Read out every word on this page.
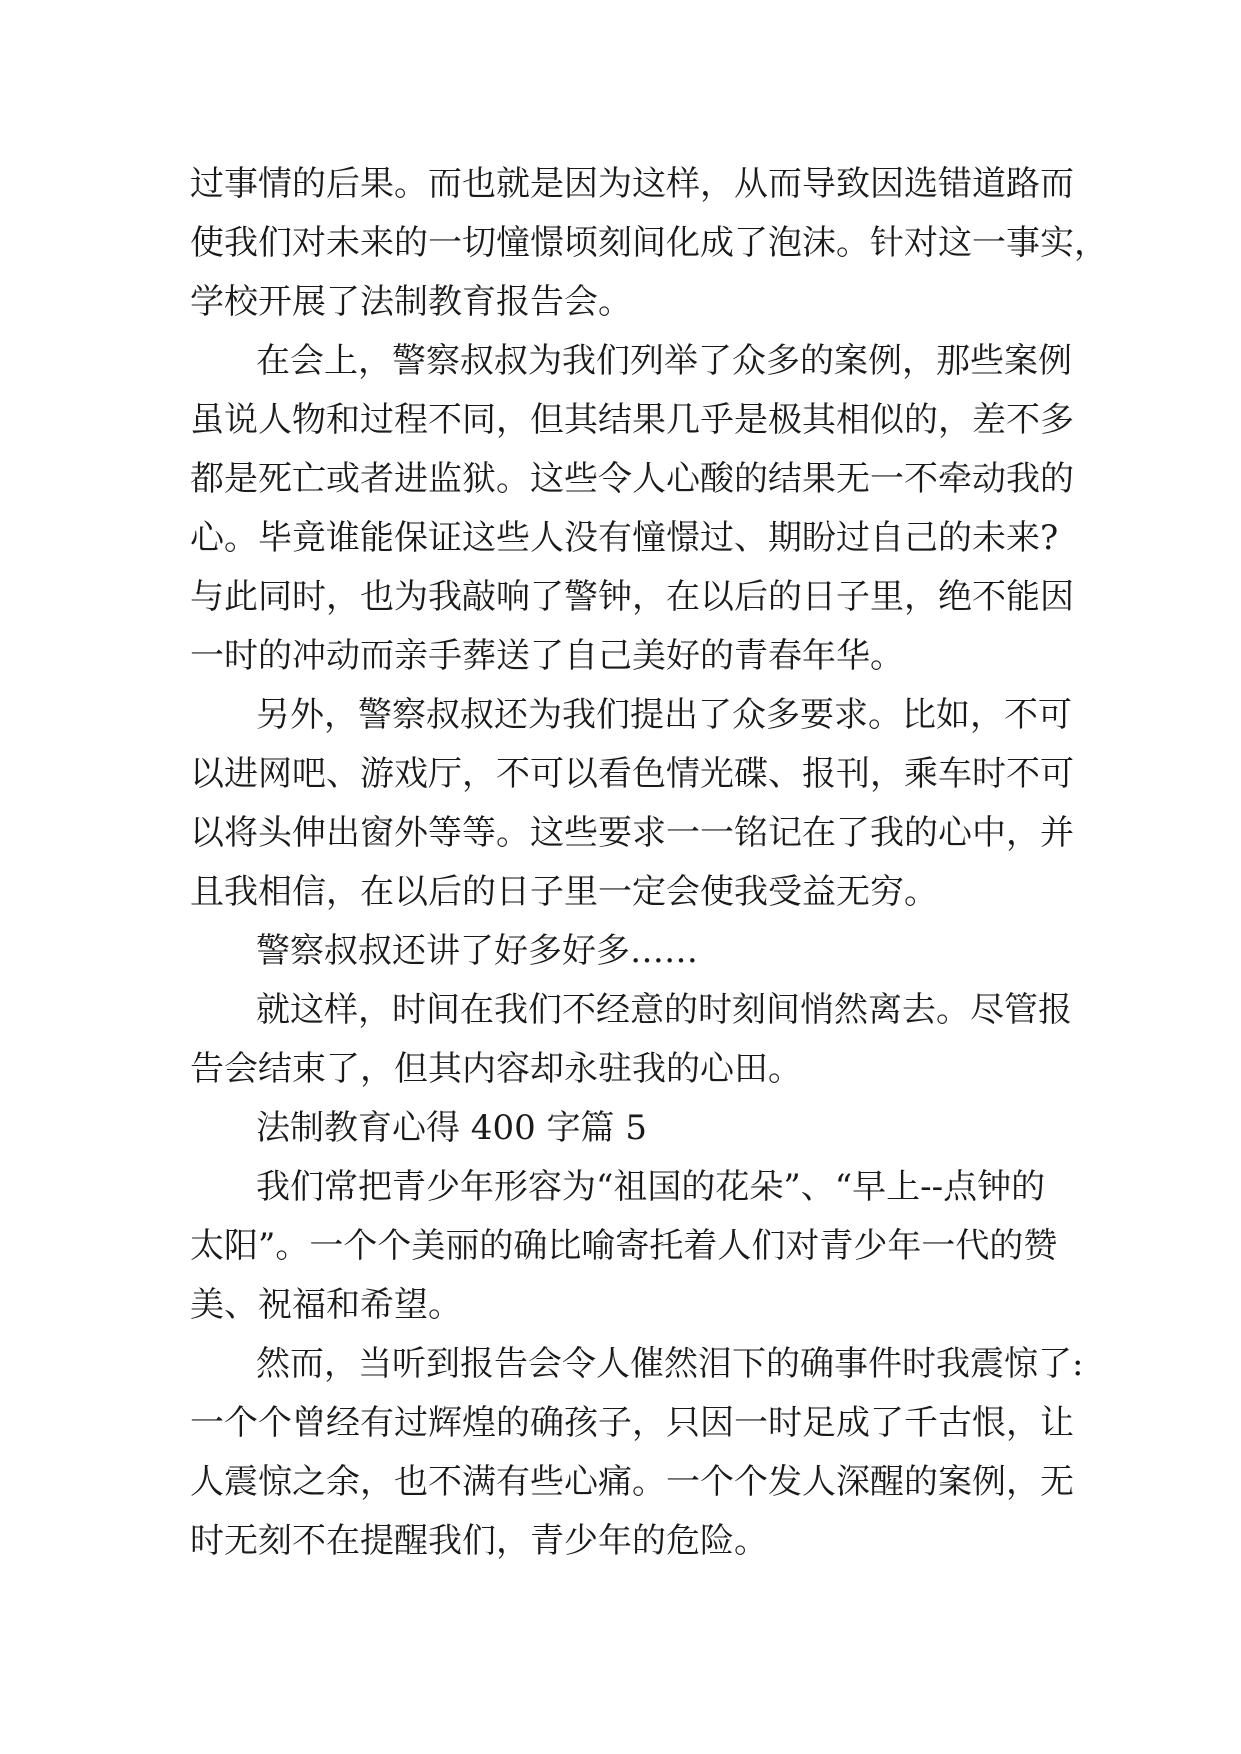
过事情的后果。而也就是因为这样，从而导致因选错道路而
使我们对未来的一切憧憬顷刻间化成了泡沫。针对这一事实，
学校开展了法制教育报告会。
在会上，警察叔叔为我们列举了众多的案例，那些案例
虽说人物和过程不同，但其结果几乎是极其相似的，差不多
都是死亡或者进监狱。这些令人心酸的结果无一不牵动我的
心。毕竟谁能保证这些人没有憧憬过、期盼过自己的未来?
与此同时，也为我敲响了警钟，在以后的日子里，绝不能因
一时的冲动而亲手葬送了自己美好的青春年华。
另外，警察叔叔还为我们提出了众多要求。比如，不可
以进网吧、游戏厅，不可以看色情光碟、报刊，乘车时不可
以将头伸出窗外等等。这些要求一一铭记在了我的心中，并
且我相信，在以后的日子里一定会使我受益无穷。
警察叔叔还讲了好多好多……
就这样，时间在我们不经意的时刻间悄然离去。尽管报
告会结束了，但其内容却永驻我的心田。
法制教育心得 400 字篇 5
我们常把青少年形容为“祖国的花朵”、“早上--点钟的
太阳”。一个个美丽的确比喻寄托着人们对青少年一代的赞
美、祝福和希望。
然而，当听到报告会令人催然泪下的确事件时我震惊了:
一个个曾经有过辉煌的确孩子，只因一时足成了千古恨，让
人震惊之余，也不满有些心痛。一个个发人深醒的案例，无
时无刻不在提醒我们，青少年的危险。
